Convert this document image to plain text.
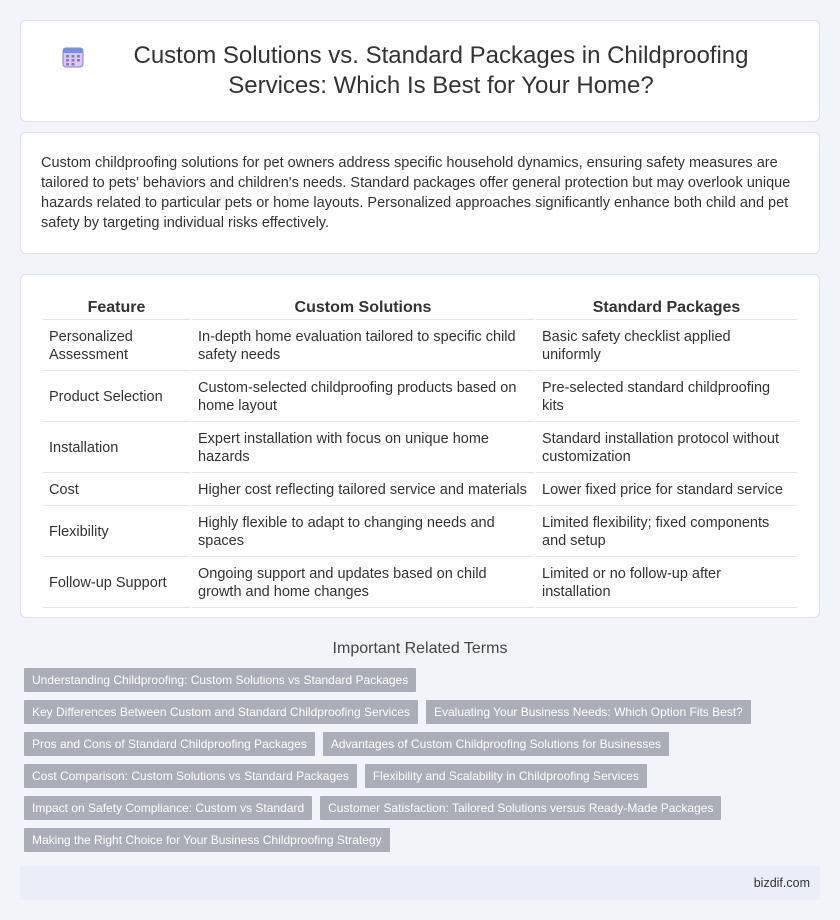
Custom Solutions vs. Standard Packages in Childproofing Services: Which Is Best for Your Home?
Custom childproofing solutions for pet owners address specific household dynamics, ensuring safety measures are tailored to pets' behaviors and children's needs. Standard packages offer general protection but may overlook unique hazards related to particular pets or home layouts. Personalized approaches significantly enhance both child and pet safety by targeting individual risks effectively.
Feature	Custom Solutions	Standard Packages
Personalized Assessment	In-depth home evaluation tailored to specific child safety needs	Basic safety checklist applied uniformly
Product Selection	Custom-selected childproofing products based on home layout	Pre-selected standard childproofing kits
Installation	Expert installation with focus on unique home hazards	Standard installation protocol without customization
Cost	Higher cost reflecting tailored service and materials	Lower fixed price for standard service
Flexibility	Highly flexible to adapt to changing needs and spaces	Limited flexibility; fixed components and setup
Follow-up Support	Ongoing support and updates based on child growth and home changes	Limited or no follow-up after installation
Important Related Terms
Understanding Childproofing: Custom Solutions vs Standard Packages
Key Differences Between Custom and Standard Childproofing Services	Evaluating Your Business Needs: Which Option Fits Best?
Pros and Cons of Standard Childproofing Packages	Advantages of Custom Childproofing Solutions for Businesses
Cost Comparison: Custom Solutions vs Standard Packages	Flexibility and Scalability in Childproofing Services
Impact on Safety Compliance: Custom vs Standard	Customer Satisfaction: Tailored Solutions versus Ready-Made Packages
Making the Right Choice for Your Business Childproofing Strategy
bizdif.com
